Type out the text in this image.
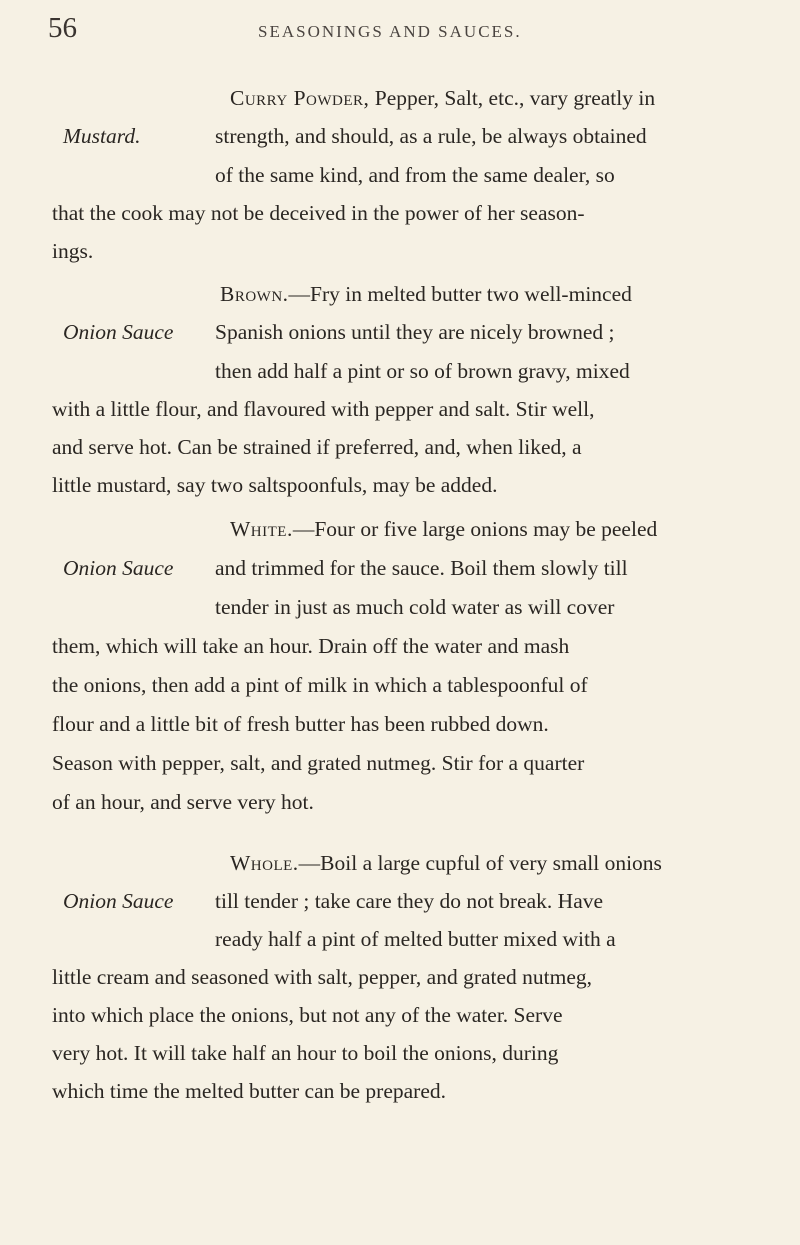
56	SEASONINGS AND SAUCES.
Mustard.
Curry Powder, Pepper, Salt, etc., vary greatly in
strength, and should, as a rule, be always obtained
of the same kind, and from the same dealer, so
that the cook may not be deceived in the power of her season-
ings.
Onion Sauce
Brown.—Fry in melted butter two well-minced
Spanish onions until they are nicely browned ;
then add half a pint or so of brown gravy, mixed
with a little flour, and flavoured with pepper and salt. Stir well,
and serve hot. Can be strained if preferred, and, when liked, a
little mustard, say two saltspoonfuls, may be added.
Onion Sauce
White.—Four or five large onions may be peeled
and trimmed for the sauce. Boil them slowly till
tender in just as much cold water as will cover
them, which will take an hour. Drain off the water and mash
the onions, then add a pint of milk in which a tablespoonful of
flour and a little bit of fresh butter has been rubbed down.
Season with pepper, salt, and grated nutmeg. Stir for a quarter
of an hour, and serve very hot.
Onion Sauce
Whole.—Boil a large cupful of very small onions
till tender ; take care they do not break. Have
ready half a pint of melted butter mixed with a
little cream and seasoned with salt, pepper, and grated nutmeg,
into which place the onions, but not any of the water. Serve
very hot. It will take half an hour to boil the onions, during
which time the melted butter can be prepared.
